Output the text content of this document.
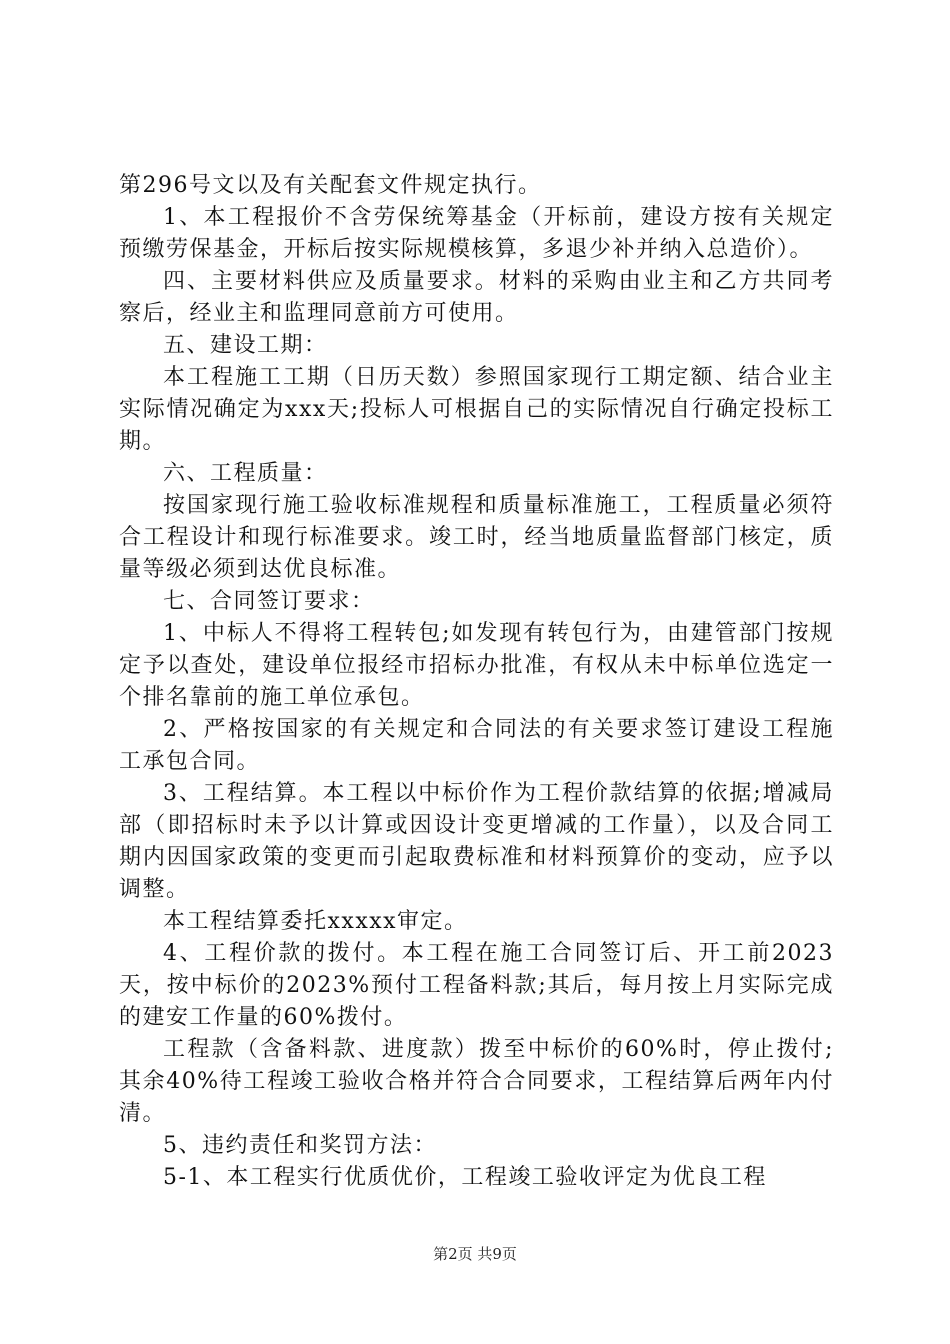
第296号文以及有关配套文件规定执行。

1、本工程报价不含劳保统筹基金（开标前，建设方按有关规定预缴劳保基金，开标后按实际规模核算，多退少补并纳入总造价）。

四、主要材料供应及质量要求。材料的采购由业主和乙方共同考察后，经业主和监理同意前方可使用。

五、建设工期：

本工程施工工期（日历天数）参照国家现行工期定额、结合业主实际情况确定为xxx天;投标人可根据自己的实际情况自行确定投标工期。

六、工程质量：

按国家现行施工验收标准规程和质量标准施工，工程质量必须符合工程设计和现行标准要求。竣工时，经当地质量监督部门核定，质量等级必须到达优良标准。

七、合同签订要求：

1、中标人不得将工程转包;如发现有转包行为，由建管部门按规定予以查处，建设单位报经市招标办批准，有权从未中标单位选定一个排名靠前的施工单位承包。

2、严格按国家的有关规定和合同法的有关要求签订建设工程施工承包合同。

3、工程结算。本工程以中标价作为工程价款结算的依据;增减局部（即招标时未予以计算或因设计变更增减的工作量），以及合同工期内因国家政策的变更而引起取费标准和材料预算价的变动，应予以调整。

本工程结算委托xxxxx审定。

4、工程价款的拨付。本工程在施工合同签订后、开工前2023天，按中标价的2023%预付工程备料款;其后，每月按上月实际完成的建安工作量的60%拨付。

工程款（含备料款、进度款）拨至中标价的60%时，停止拨付;其余40%待工程竣工验收合格并符合合同要求，工程结算后两年内付清。

5、违约责任和奖罚方法：

5-1、本工程实行优质优价，工程竣工验收评定为优良工程

第2页 共9页
